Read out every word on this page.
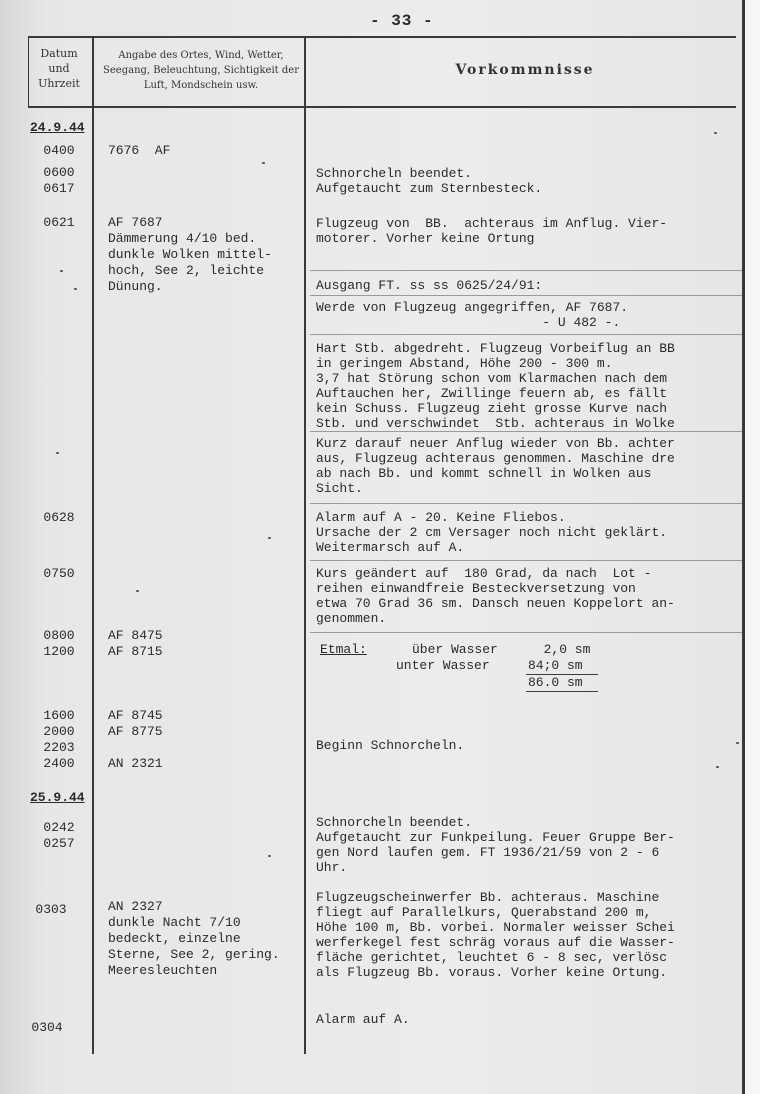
- 33 -
Datum und Uhrzeit
Angabe des Ortes, Wind, Wetter, Seegang, Beleuchtung, Sichtigkeit der Luft, Mondschein usw.
Vorkommnisse
24.9.44
25.9.44
0400
0600
0617
0621
0628
0750
0800
1200
1600
2000
2203
2400
0242
0257
0303
0304
7676  AF
AF 7687
Dämmerung 4/10 bed.
dunkle Wolken mittel-
hoch, See 2, leichte
Dünung.
AF 8475
AF 8715
AF 8745
AF 8775
AN 2321
AN 2327
dunkle Nacht 7/10
bedeckt, einzelne
Sterne, See 2, gering.
Meeresleuchten
Schnorcheln beendet.
Aufgetaucht zum Sternbesteck.
Flugzeug von  BB.  achteraus im Anflug. Vier-
motorer. Vorher keine Ortung
Ausgang FT. ss ss 0625/24/91:
Werde von Flugzeug angegriffen, AF 7687.
- U 482 -.
Hart Stb. abgedreht. Flugzeug Vorbeiflug an BB
in geringem Abstand, Höhe 200 - 300 m.
3,7 hat Störung schon vom Klarmachen nach dem
Auftauchen her, Zwillinge feuern ab, es fällt
kein Schuss. Flugzeug zieht grosse Kurve nach
Stb. und verschwindet  Stb. achteraus in Wolke
Kurz darauf neuer Anflug wieder von Bb. achter
aus, Flugzeug achteraus genommen. Maschine dre
ab nach Bb. und kommt schnell in Wolken aus
Sicht.
Alarm auf A - 20. Keine Fliebos.
Ursache der 2 cm Versager noch nicht geklärt.
Weitermarsch auf A.
Kurs geändert auf  180 Grad, da nach  Lot -
reihen einwandfreie Besteckversetzung von
etwa 70 Grad 36 sm. Dansch neuen Koppelort an-
genommen.
Etmal:	über Wasser
unter Wasser
2,0 sm
84;0 sm
86.0 sm
Beginn Schnorcheln.
Schnorcheln beendet.
Aufgetaucht zur Funkpeilung. Feuer Gruppe Ber-
gen Nord laufen gem. FT 1936/21/59 von 2 - 6
Uhr.
Flugzeugscheinwerfer Bb. achteraus. Maschine
fliegt auf Parallelkurs, Querabstand 200 m,
Höhe 100 m, Bb. vorbei. Normaler weisser Schei
werferkegel fest schräg voraus auf die Wasser-
fläche gerichtet, leuchtet 6 - 8 sec, verlösc
als Flugzeug Bb. voraus. Vorher keine Ortung.
Alarm auf A.
